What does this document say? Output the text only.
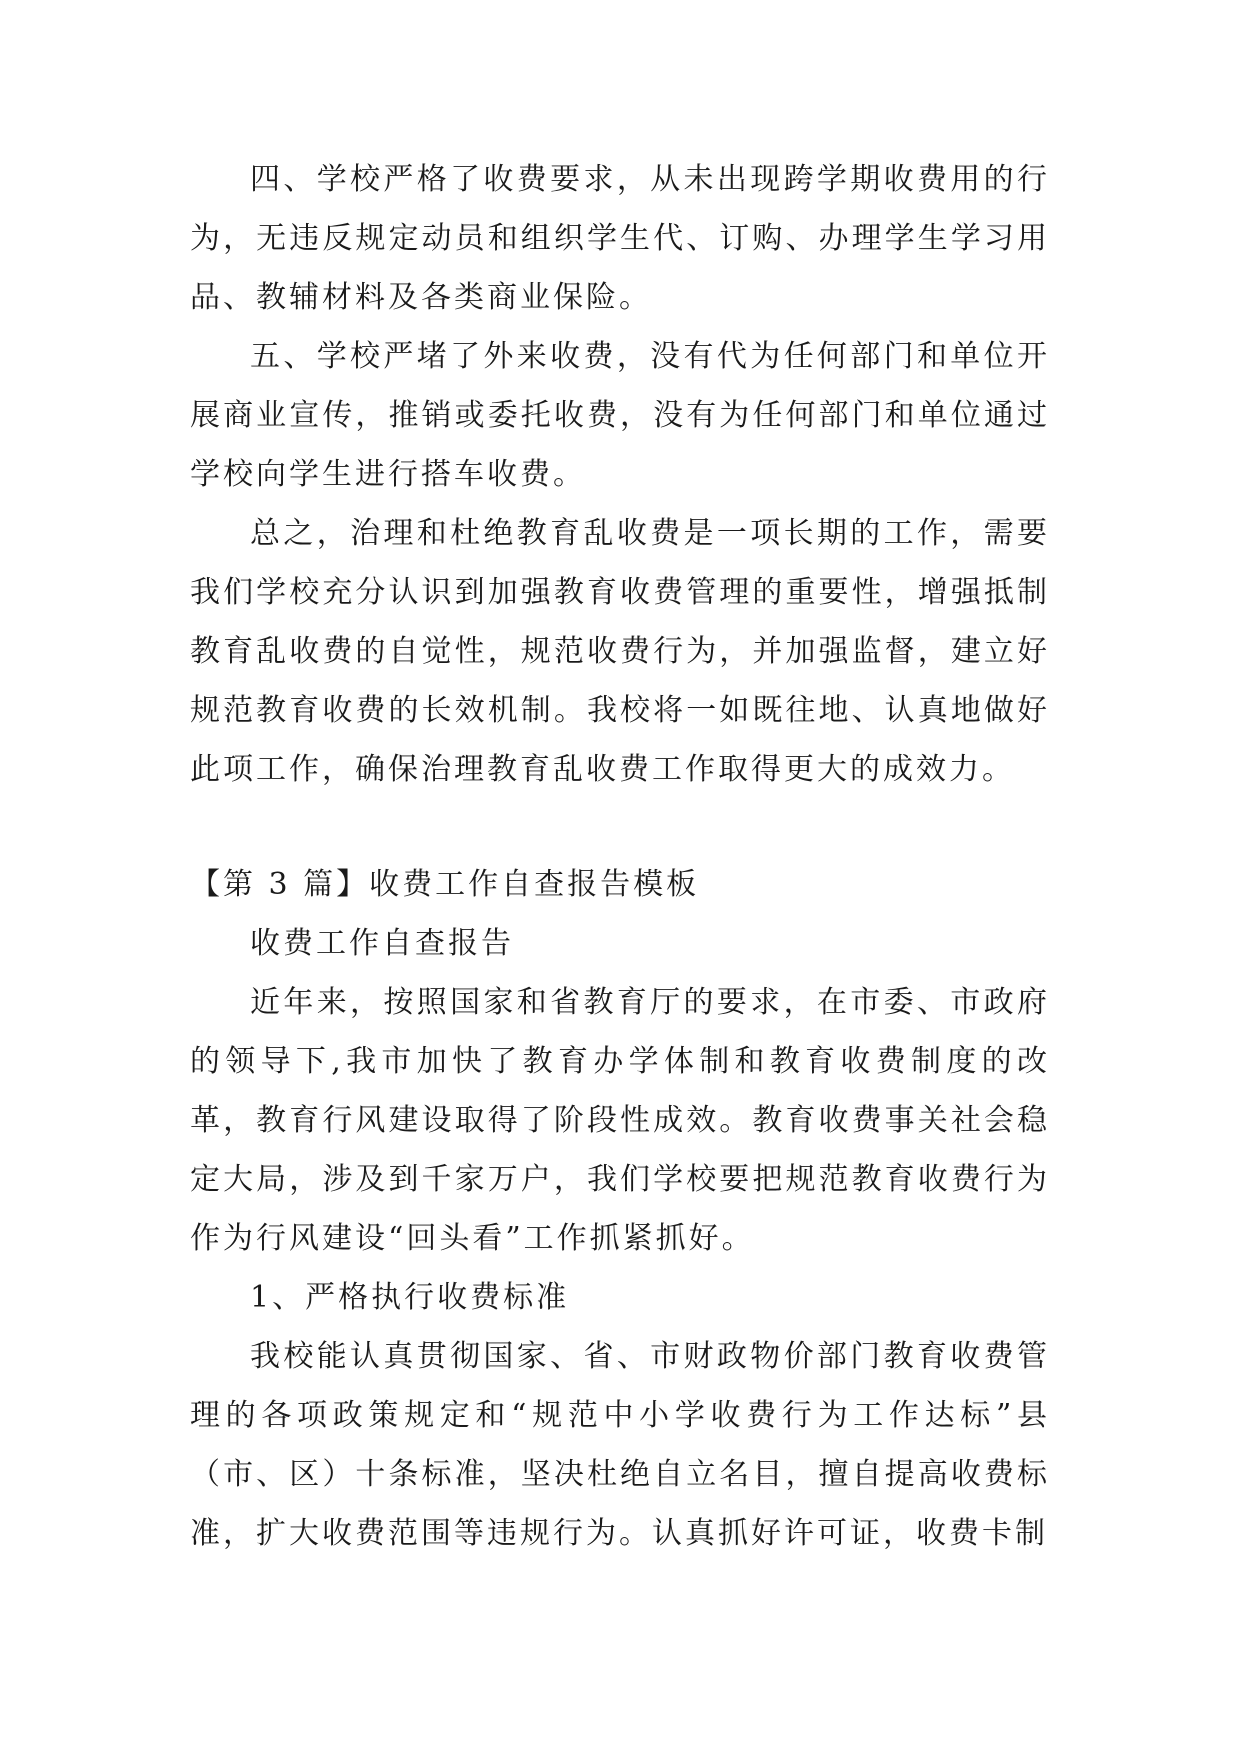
四、学校严格了收费要求，从未出现跨学期收费用的行为，无违反规定动员和组织学生代、订购、办理学生学习用品、教辅材料及各类商业保险。

五、学校严堵了外来收费，没有代为任何部门和单位开展商业宣传，推销或委托收费，没有为任何部门和单位通过学校向学生进行搭车收费。

总之，治理和杜绝教育乱收费是一项长期的工作，需要我们学校充分认识到加强教育收费管理的重要性，增强抵制教育乱收费的自觉性，规范收费行为，并加强监督，建立好规范教育收费的长效机制。我校将一如既往地、认真地做好此项工作，确保治理教育乱收费工作取得更大的成效力。

【第 3 篇】收费工作自查报告模板

收费工作自查报告

近年来，按照国家和省教育厅的要求，在市委、市政府的领导下,我市加快了教育办学体制和教育收费制度的改革，教育行风建设取得了阶段性成效。教育收费事关社会稳定大局，涉及到千家万户，我们学校要把规范教育收费行为作为行风建设“回头看”工作抓紧抓好。

1、严格执行收费标准

我校能认真贯彻国家、省、市财政物价部门教育收费管理的各项政策规定和“规范中小学收费行为工作达标”县（市、区）十条标准，坚决杜绝自立名目，擅自提高收费标准，扩大收费范围等违规行为。认真抓好许可证，收费卡制
